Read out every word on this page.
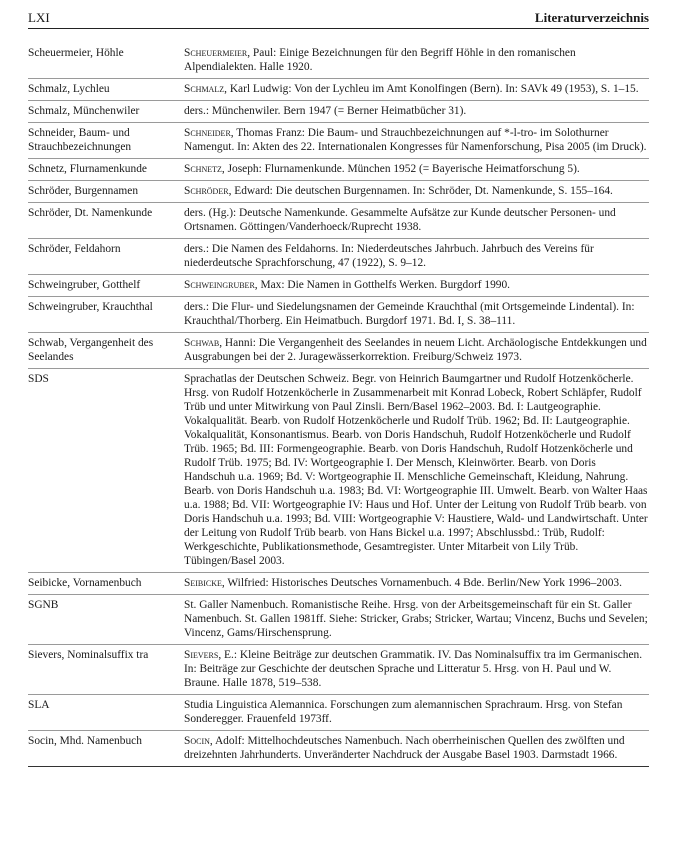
LXI	Literaturverzeichnis
Scheuermeier, Höhle	Scheuermeier, Paul: Einige Bezeichnungen für den Begriff Höhle in den romanischen Alpendialekten. Halle 1920.
Schmalz, Lychleu	Schmalz, Karl Ludwig: Von der Lychleu im Amt Konolfingen (Bern). In: SAVk 49 (1953), S. 1–15.
Schmalz, Münchenwiler	ders.: Münchenwiler. Bern 1947 (= Berner Heimatbücher 31).
Schneider, Baum- und Strauchbezeichnungen	Schneider, Thomas Franz: Die Baum- und Strauchbezeichnungen auf *-l-tro- im Solothurner Namengut. In: Akten des 22. Internationalen Kongresses für Namenforschung, Pisa 2005 (im Druck).
Schnetz, Flurnamenkunde	Schnetz, Joseph: Flurnamenkunde. München 1952 (= Bayerische Heimatforschung 5).
Schröder, Burgennamen	Schröder, Edward: Die deutschen Burgennamen. In: Schröder, Dt. Namenkunde, S. 155–164.
Schröder, Dt. Namenkunde	ders. (Hg.): Deutsche Namenkunde. Gesammelte Aufsätze zur Kunde deutscher Personen- und Ortsnamen. Göttingen/Vanderhoeck/Ruprecht 1938.
Schröder, Feldahorn	ders.: Die Namen des Feldahorns. In: Niederdeutsches Jahrbuch. Jahrbuch des Vereins für niederdeutsche Sprachforschung, 47 (1922), S. 9–12.
Schweingruber, Gotthelf	Schweingruber, Max: Die Namen in Gotthelfs Werken. Burgdorf 1990.
Schweingruber, Krauchthal	ders.: Die Flur- und Siedelungsnamen der Gemeinde Krauchthal (mit Ortsgemeinde Lindental). In: Krauchthal/Thorberg. Ein Heimatbuch. Burgdorf 1971. Bd. I, S. 38–111.
Schwab, Vergangenheit des Seelandes	Schwab, Hanni: Die Vergangenheit des Seelandes in neuem Licht. Archäologische Entdekkungen und Ausgrabungen bei der 2. Juragewässerkorrektion. Freiburg/Schweiz 1973.
SDS	Sprachatlas der Deutschen Schweiz. Begr. von Heinrich Baumgartner und Rudolf Hotzenköcherle. Hrsg. von Rudolf Hotzenköcherle in Zusammenarbeit mit Konrad Lobeck, Robert Schläpfer, Rudolf Trüb und unter Mitwirkung von Paul Zinsli. Bern/Basel 1962–2003. Bd. I: Lautgeographie. Vokalqualität. Bearb. von Rudolf Hotzenköcherle und Rudolf Trüb. 1962; Bd. II: Lautgeographie. Vokalqualität, Konsonantismus. Bearb. von Doris Handschuh, Rudolf Hotzenköcherle und Rudolf Trüb. 1965; Bd. III: Formengeographie. Bearb. von Doris Handschuh, Rudolf Hotzenköcherle und Rudolf Trüb. 1975; Bd. IV: Wortgeographie I. Der Mensch, Kleinwörter. Bearb. von Doris Handschuh u.a. 1969; Bd. V: Wortgeographie II. Menschliche Gemeinschaft, Kleidung, Nahrung. Bearb. von Doris Handschuh u.a. 1983; Bd. VI: Wortgeographie III. Umwelt. Bearb. von Walter Haas u.a. 1988; Bd. VII: Wortgeographie IV: Haus und Hof. Unter der Leitung von Rudolf Trüb bearb. von Doris Handschuh u.a. 1993; Bd. VIII: Wortgeographie V: Haustiere, Wald- und Landwirtschaft. Unter der Leitung von Rudolf Trüb bearb. von Hans Bickel u.a. 1997; Abschlussbd.: Trüb, Rudolf: Werkgeschichte, Publikationsmethode, Gesamtregister. Unter Mitarbeit von Lily Trüb. Tübingen/Basel 2003.
Seibicke, Vornamenbuch	Seibicke, Wilfried: Historisches Deutsches Vornamenbuch. 4 Bde. Berlin/New York 1996–2003.
SGNB	St. Galler Namenbuch. Romanistische Reihe. Hrsg. von der Arbeitsgemeinschaft für ein St. Galler Namenbuch. St. Gallen 1981ff. Siehe: Stricker, Grabs; Stricker, Wartau; Vincenz, Buchs und Sevelen; Vincenz, Gams/Hirschensprung.
Sievers, Nominalsuffix tra	Sievers, E.: Kleine Beiträge zur deutschen Grammatik. IV. Das Nominalsuffix tra im Germanischen. In: Beiträge zur Geschichte der deutschen Sprache und Litteratur 5. Hrsg. von H. Paul und W. Braune. Halle 1878, 519–538.
SLA	Studia Linguistica Alemannica. Forschungen zum alemannischen Sprachraum. Hrsg. von Stefan Sonderegger. Frauenfeld 1973ff.
Socin, Mhd. Namenbuch	Socin, Adolf: Mittelhochdeutsches Namenbuch. Nach oberrheinischen Quellen des zwölften und dreizehnten Jahrhunderts. Unveränderter Nachdruck der Ausgabe Basel 1903. Darmstadt 1966.
